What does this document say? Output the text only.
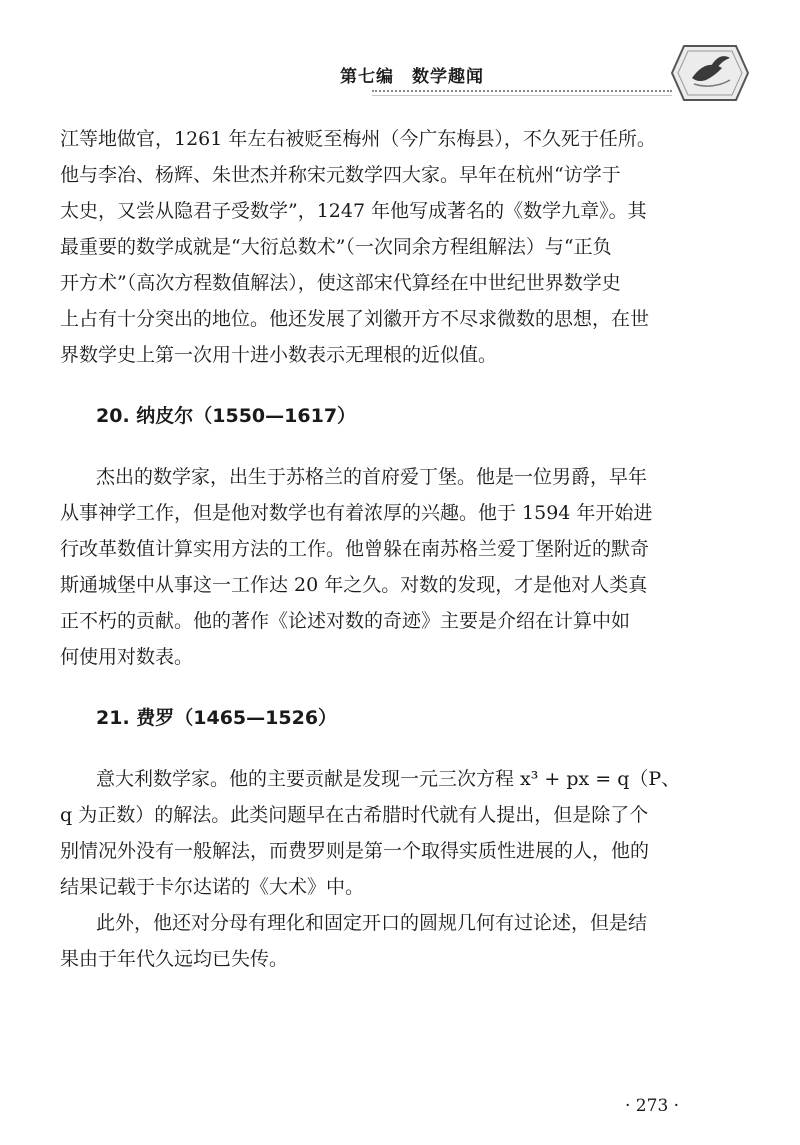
第七编　数学趣闻
江等地做官，1261 年左右被贬至梅州（今广东梅县），不久死于任所。
他与李冶、杨辉、朱世杰并称宋元数学四大家。早年在杭州“访学于
太史，又尝从隐君子受数学”，1247 年他写成著名的《数学九章》。其
最重要的数学成就是“大衍总数术”（一次同余方程组解法）与“正负
开方术”（高次方程数值解法），使这部宋代算经在中世纪世界数学史
上占有十分突出的地位。他还发展了刘徽开方不尽求微数的思想，在世
界数学史上第一次用十进小数表示无理根的近似值。
20. 纳皮尔（1550—1617）
杰出的数学家，出生于苏格兰的首府爱丁堡。他是一位男爵，早年
从事神学工作，但是他对数学也有着浓厚的兴趣。他于 1594 年开始进
行改革数值计算实用方法的工作。他曾躲在南苏格兰爱丁堡附近的默奇
斯通城堡中从事这一工作达 20 年之久。对数的发现，才是他对人类真
正不朽的贡献。他的著作《论述对数的奇迹》主要是介绍在计算中如
何使用对数表。
21. 费罗（1465—1526）
意大利数学家。他的主要贡献是发现一元三次方程 x³ + px = q（P、
q 为正数）的解法。此类问题早在古希腊时代就有人提出，但是除了个
别情况外没有一般解法，而费罗则是第一个取得实质性进展的人，他的
结果记载于卡尔达诺的《大术》中。
此外，他还对分母有理化和固定开口的圆规几何有过论述，但是结
果由于年代久远均已失传。
· 273 ·
